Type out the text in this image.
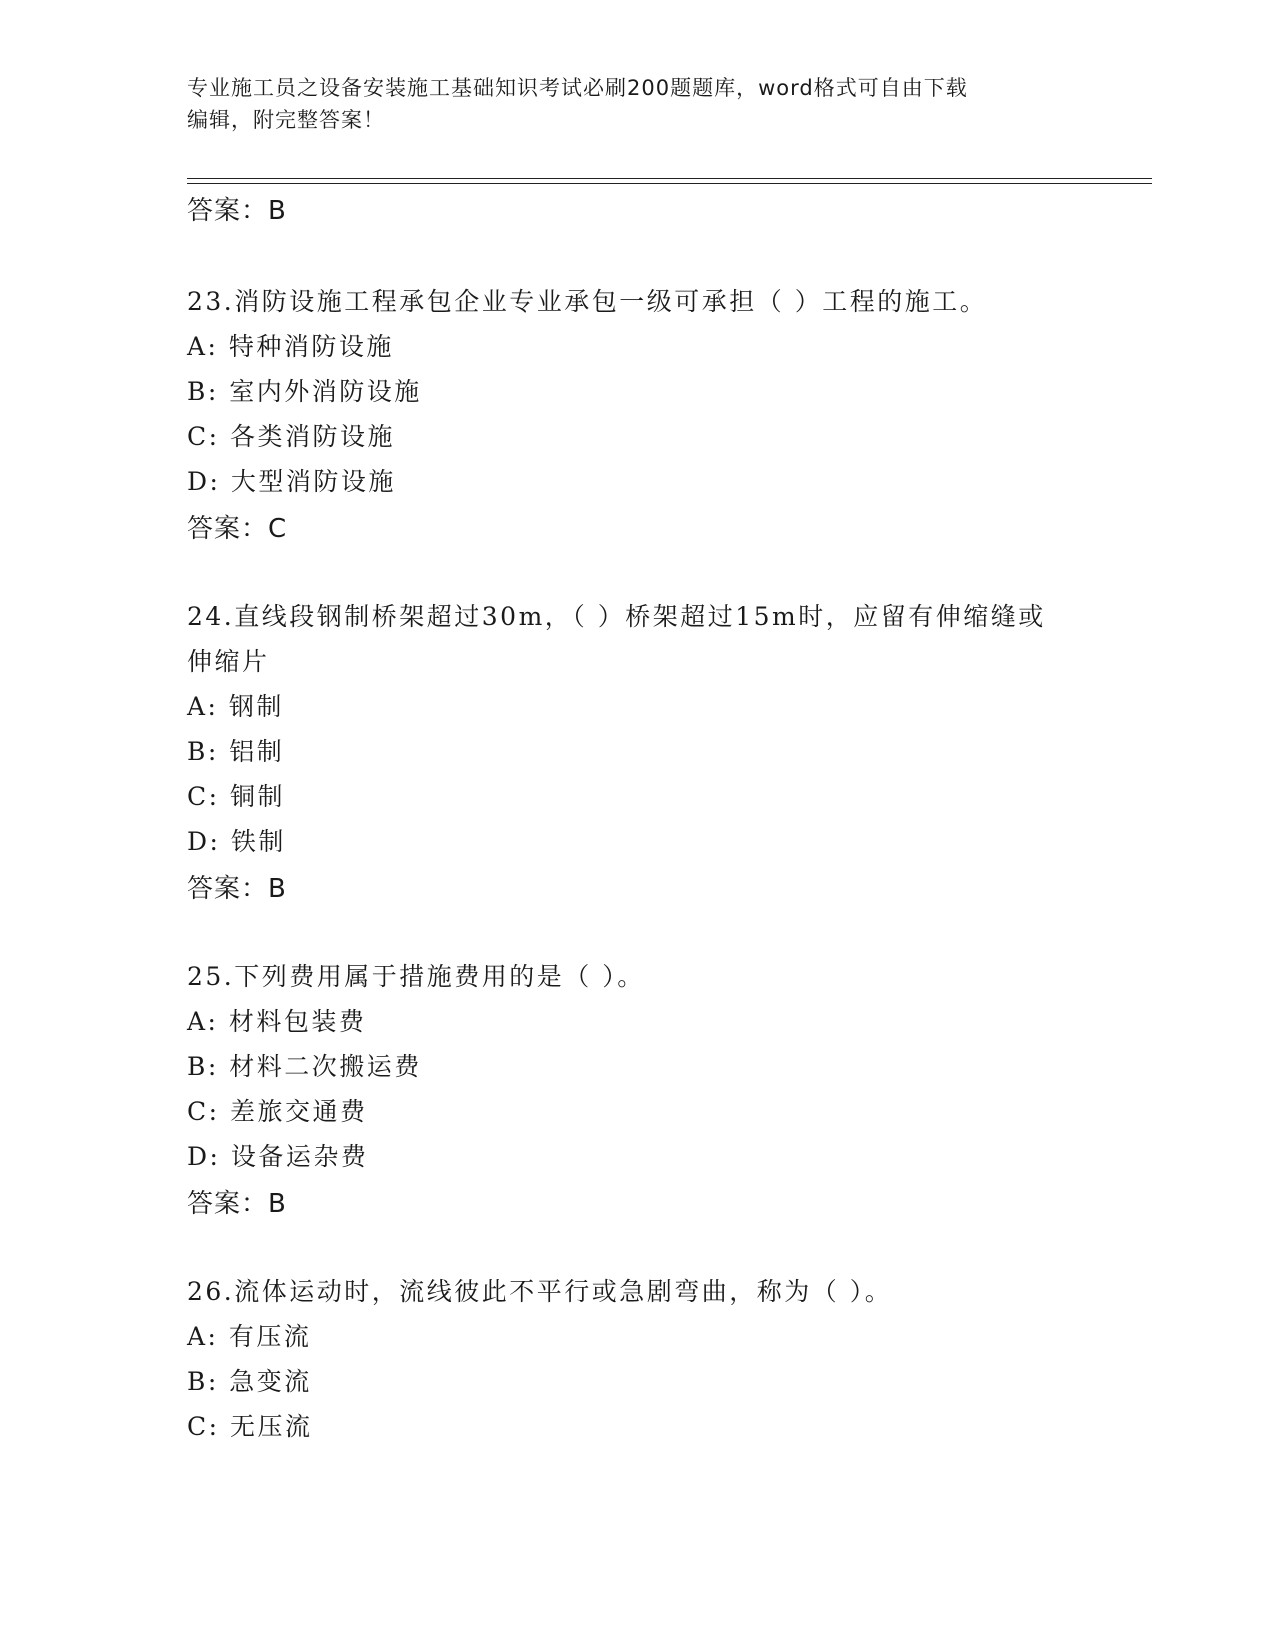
专业施工员之设备安装施工基础知识考试必刷200题题库，word格式可自由下载
编辑，附完整答案！
答案：B
23.消防设施工程承包企业专业承包一级可承担（ ）工程的施工。
A: 特种消防设施
B: 室内外消防设施
C: 各类消防设施
D: 大型消防设施
答案：C
24.直线段钢制桥架超过30m，（ ）桥架超过15m时，应留有伸缩缝或
伸缩片
A: 钢制
B: 铝制
C: 铜制
D: 铁制
答案：B
25.下列费用属于措施费用的是（ ）。
A: 材料包装费
B: 材料二次搬运费
C: 差旅交通费
D: 设备运杂费
答案：B
26.流体运动时，流线彼此不平行或急剧弯曲，称为（ ）。
A: 有压流
B: 急变流
C: 无压流
